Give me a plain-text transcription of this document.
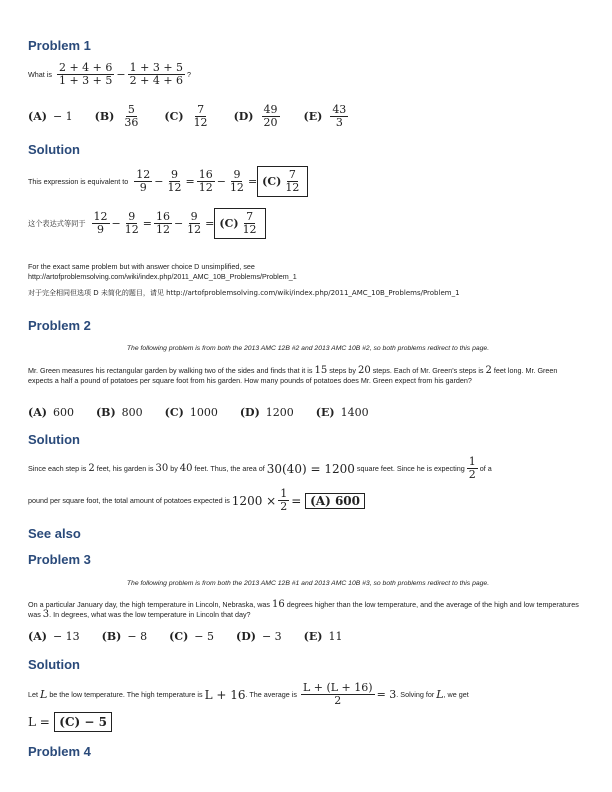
Problem 1
What is $\frac{2 + 4 + 6}{1 + 3 + 5} - \frac{1 + 3 + 5}{2 + 4 + 6}$ ?
(A) − 1 $(B) \frac{5}{36} (C) \frac{7}{12} (D) \frac{49}{20} (E) \frac{43}{3}$
Solution
This expression is equivalent to $\frac{12}{9} - \frac{9}{12} = \frac{16}{12} - \frac{9}{12} = (C) \frac{7}{12}$
这个表达式等同于 $\frac{12}{9} - \frac{9}{12} = \frac{16}{12} - \frac{9}{12} = (C) \frac{7}{12}$
For the exact same problem but with answer choice D unsimplified, see http://artofproblemsolving.com/wiki/index.php/2011_AMC_10B_Problems/Problem_1
对于完全相同但选项 D 未简化的题目，请见 http://artofproblemsolving.com/wiki/index.php/2011_AMC_10B_Problems/Problem_1
Problem 2
The following problem is from both the 2013 AMC 12B #2 and 2013 AMC 10B #2, so both problems redirect to this page.
Mr. Green measures his rectangular garden by walking two of the sides and finds that it is 15 steps by 20 steps. Each of Mr. Green's steps is 2 feet long. Mr. Green expects a half a pound of potatoes per square foot from his garden. How many pounds of potatoes does Mr. Green expect from his garden?
(A) 600 (B) 800 (C) 1000 (D) 1200 (E) 1400
Solution
Since each step is
2
feet, his garden is
30
by
40
feet. Thus, the area of
30(40) = 1200
square feet. Since he is expecting $\frac{1}{2}$ of a
pound per square foot, the total amount of potatoes expected is
$1200 \times \frac{1}{2}$ =
(A) 600
See also
Problem 3
The following problem is from both the 2013 AMC 12B #1 and 2013 AMC 10B #3, so both problems redirect to this page.
On a particular January day, the high temperature in Lincoln, Nebraska, was 16 degrees higher than the low temperature, and the average of the high and low temperatures was 3. In degrees, what was the low temperature in Lincoln that day?
(A) − 13 (B) − 8 (C) − 5 (D) − 3 (E) 11
Solution
Let
L
be the low temperature. The high temperature is
L + 16 . The average is
$\frac{L + (L + 16)}{2} = 3$ . Solving for
L , we get
L =
(C) − 5
Problem 4
